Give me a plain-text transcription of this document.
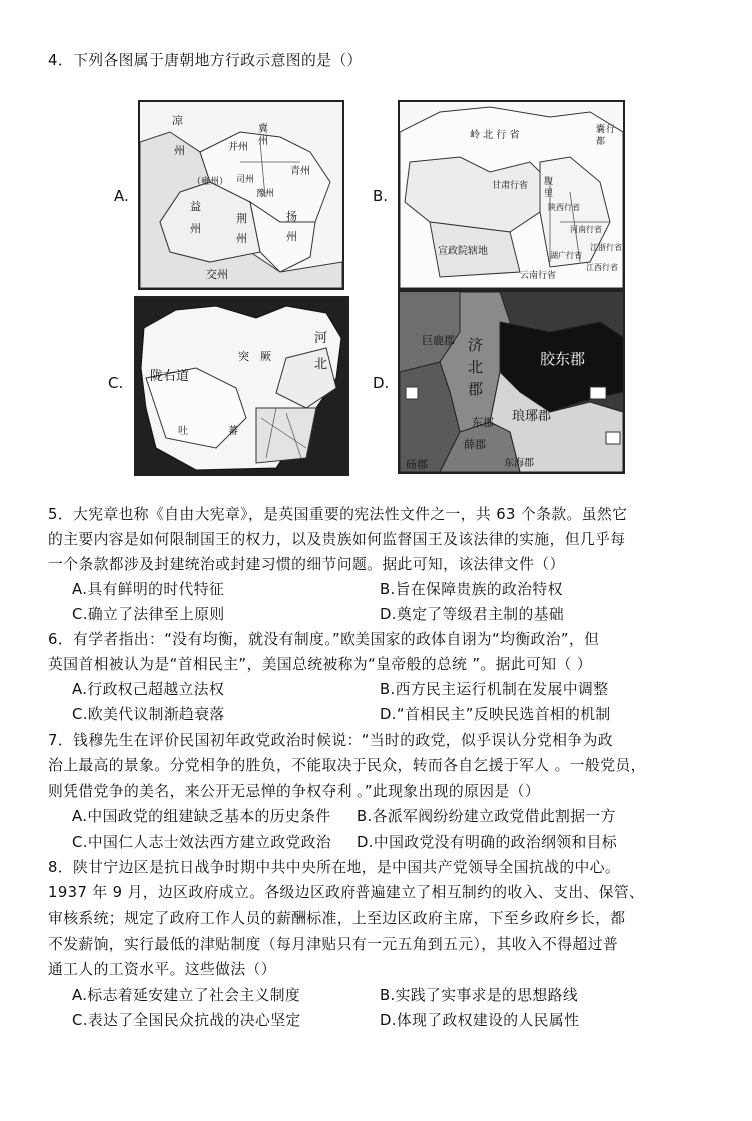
4．下列各图属于唐朝地方行政示意图的是（）
A.
凉
州	并州
冀
州
（雍州） 司州
豫州
青州
益
州
荆
州
扬
州
交州
B.
岭 北 行 省
甘肃行省 腹
里
陕西行省
河南行省
江浙行省
湖广行省
江西行省
宣政院辖地
云南行省
囊
都
行
C.
河
北
陇右道
突 厥
吐	蕃
D.
巨鹿郡 济
北
郡
胶东郡
东郡
砀郡
薛郡
琅琊郡
东海郡
5．大宪章也称《自由大宪章》，是英国重要的宪法性文件之一，共 63 个条款。虽然它
的主要内容是如何限制国王的权力，以及贵族如何监督国王及该法律的实施，但几乎每
一个条款都涉及封建统治或封建习惯的细节问题。据此可知，该法律文件（）
A.具有鲜明的时代特征	B.旨在保障贵族的政治特权
C.确立了法律至上原则	D.奠定了等级君主制的基础
6．有学者指出：“没有均衡，就没有制度。”欧美国家的政体自诩为“均衡政治”，但
英国首相被认为是“首相民主”，美国总统被称为“皇帝般的总统 ”。据此可知（ ）
A.行政权己超越立法权	B.西方民主运行机制在发展中调整
C.欧美代议制渐趋衰落	D.“首相民主”反映民选首相的机制
7．钱穆先生在评价民国初年政党政治时候说：“当时的政党，似乎误认分党相争为政
治上最高的景象。分党相争的胜负，不能取决于民众，转而各自乞援于军人 。一般党员，
则凭借党争的美名，来公开无忌惮的争权夺利 。”此现象出现的原因是（）
A.中国政党的组建缺乏基本的历史条件 B.各派军阀纷纷建立政党借此割据一方
C.中国仁人志士效法西方建立政党政治 D.中国政党没有明确的政治纲领和目标
8．陕甘宁边区是抗日战争时期中共中央所在地，是中国共产党领导全国抗战的中心。
1937 年 9 月，边区政府成立。各级边区政府普遍建立了相互制约的收入、支出、保管、
审核系统；规定了政府工作人员的薪酬标准，上至边区政府主席，下至乡政府乡长，都
不发薪饷，实行最低的津贴制度（每月津贴只有一元五角到五元），其收入不得超过普
通工人的工资水平。这些做法（）
A.标志着延安建立了社会主义制度	B.实践了实事求是的思想路线
C.表达了全国民众抗战的决心坚定	D.体现了政权建设的人民属性
